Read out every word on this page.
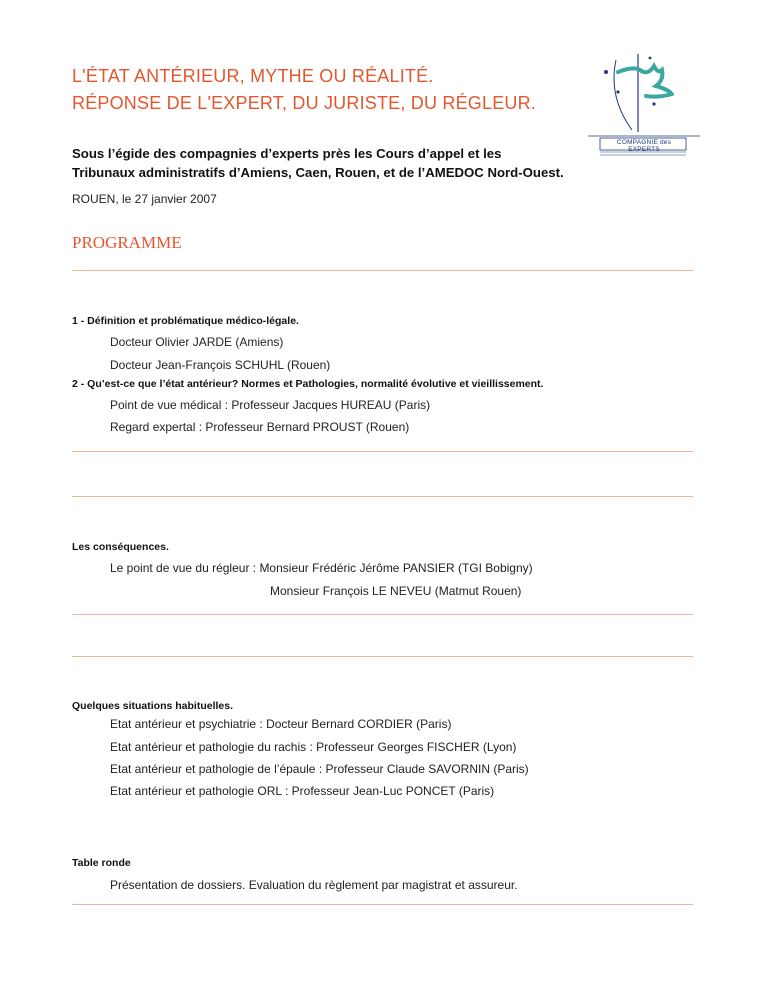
L'ÉTAT ANTÉRIEUR, MYTHE OU RÉALITÉ.
RÉPONSE DE L'EXPERT, DU JURISTE, DU RÉGLEUR.
COMPAGNIE des EXPERTS
Sous l’égide des compagnies d’experts près les Cours d’appel et les
Tribunaux administratifs d’Amiens, Caen, Rouen, et de l’AMEDOC Nord-Ouest.
ROUEN, le 27 janvier 2007
PROGRAMME
1 - Définition et problématique médico-légale.
Docteur Olivier JARDE (Amiens)
Docteur Jean-François SCHUHL (Rouen)
2 - Qu’est-ce que l’état antérieur? Normes et Pathologies, normalité évolutive et vieillissement.
Point de vue médical : Professeur Jacques HUREAU (Paris)
Regard expertal : Professeur Bernard PROUST (Rouen)
Les conséquences.
Le point de vue du régleur : Monsieur Frédéric Jérôme PANSIER (TGI Bobigny)
Monsieur François LE NEVEU (Matmut Rouen)
Quelques situations habituelles.
Etat antérieur et psychiatrie : Docteur Bernard CORDIER (Paris)
Etat antérieur et pathologie du rachis : Professeur Georges FISCHER (Lyon)
Etat antérieur et pathologie de l’épaule : Professeur Claude SAVORNIN (Paris)
Etat antérieur et pathologie ORL : Professeur Jean-Luc PONCET (Paris)
Table ronde
Présentation de dossiers. Evaluation du règlement par magistrat et assureur.
